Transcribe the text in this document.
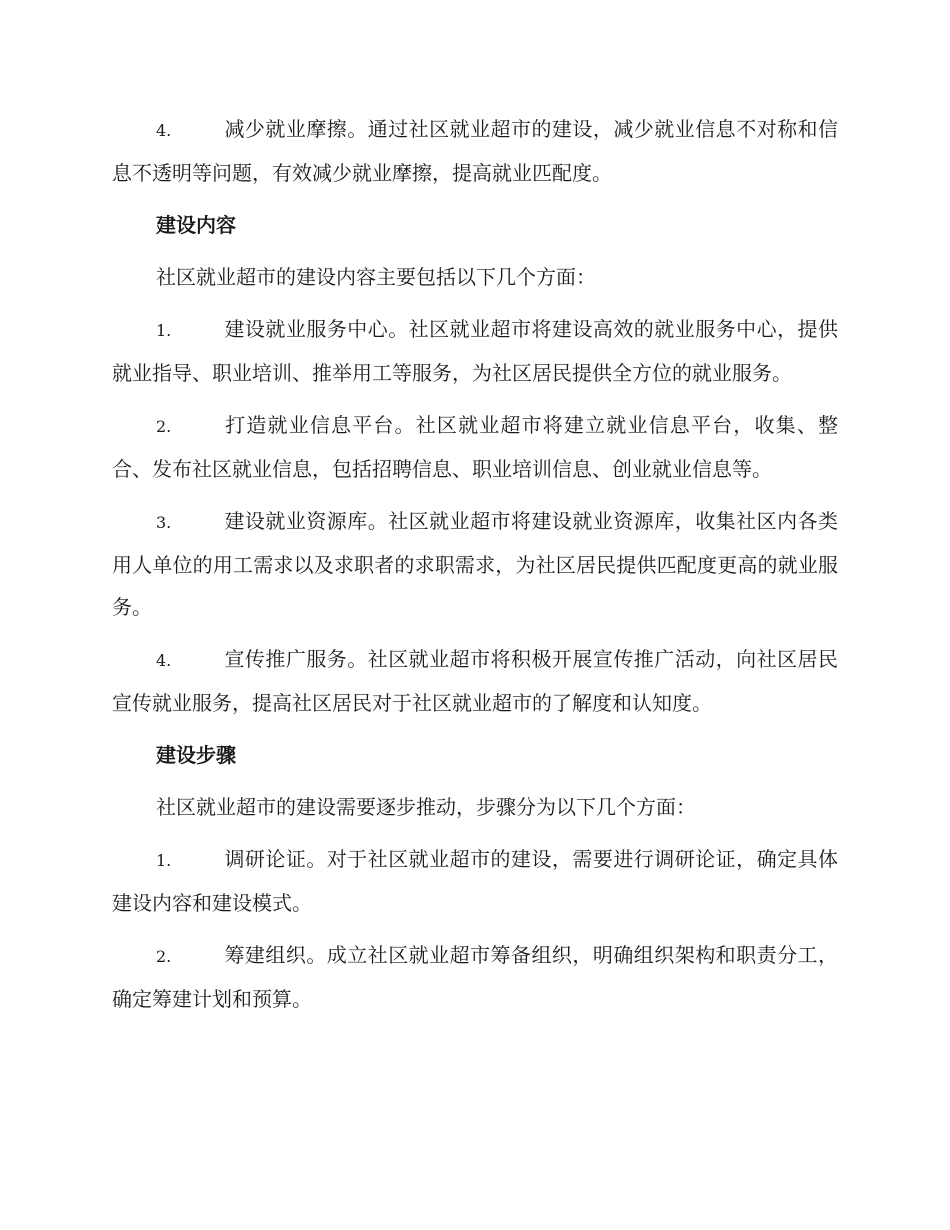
4.	减少就业摩擦。通过社区就业超市的建设，减少就业信息不对称和信息不透明等问题，有效减少就业摩擦，提高就业匹配度。

建设内容

社区就业超市的建设内容主要包括以下几个方面：

1.	建设就业服务中心。社区就业超市将建设高效的就业服务中心，提供就业指导、职业培训、推举用工等服务，为社区居民提供全方位的就业服务。

2.	打造就业信息平台。社区就业超市将建立就业信息平台，收集、整合、发布社区就业信息，包括招聘信息、职业培训信息、创业就业信息等。

3.	建设就业资源库。社区就业超市将建设就业资源库，收集社区内各类用人单位的用工需求以及求职者的求职需求，为社区居民提供匹配度更高的就业服务。

4.	宣传推广服务。社区就业超市将积极开展宣传推广活动，向社区居民宣传就业服务，提高社区居民对于社区就业超市的了解度和认知度。

建设步骤

社区就业超市的建设需要逐步推动，步骤分为以下几个方面：

1.	调研论证。对于社区就业超市的建设，需要进行调研论证，确定具体建设内容和建设模式。

2.	筹建组织。成立社区就业超市筹备组织，明确组织架构和职责分工，确定筹建计划和预算。
